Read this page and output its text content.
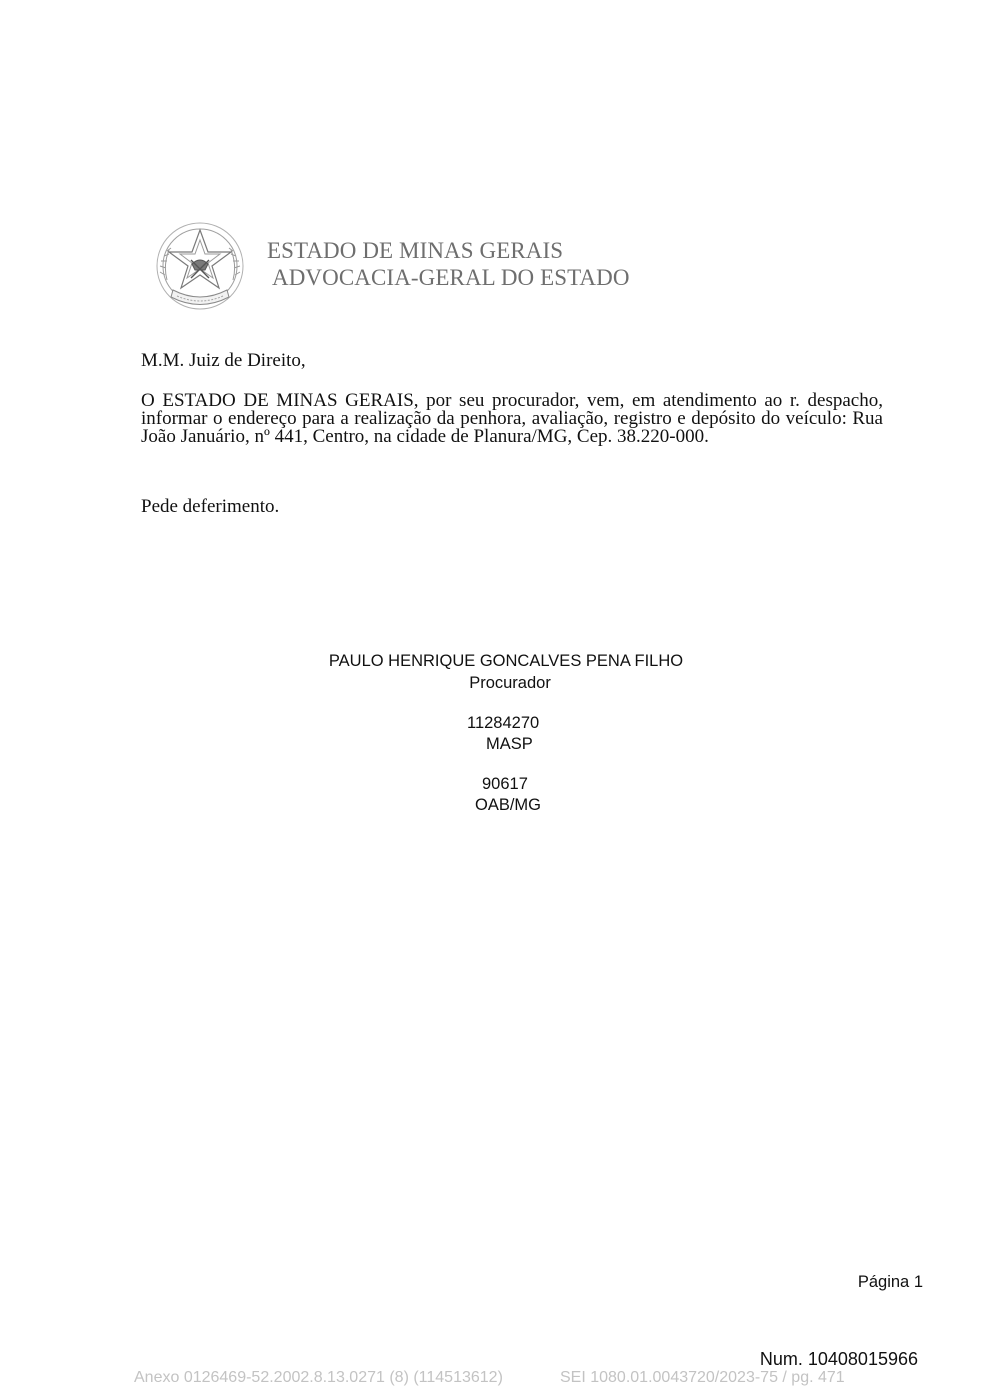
ESTADO DE MINAS GERAIS
ADVOCACIA-GERAL DO ESTADO
M.M. Juiz de Direito,
O ESTADO DE MINAS GERAIS, por seu procurador, vem, em atendimento ao r. despacho, informar o endereço para a realização da penhora, avaliação, registro e depósito do veículo: Rua João Januário, nº 441, Centro, na cidade de Planura/MG, Cep. 38.220-000.
Pede deferimento.
PAULO HENRIQUE GONCALVES PENA FILHO
Procurador
11284270
MASP
90617
OAB/MG
Página 1
Num. 10408015966
Anexo 0126469-52.2002.8.13.0271 (8) (114513612)	SEI 1080.01.0043720/2023-75 / pg. 471
